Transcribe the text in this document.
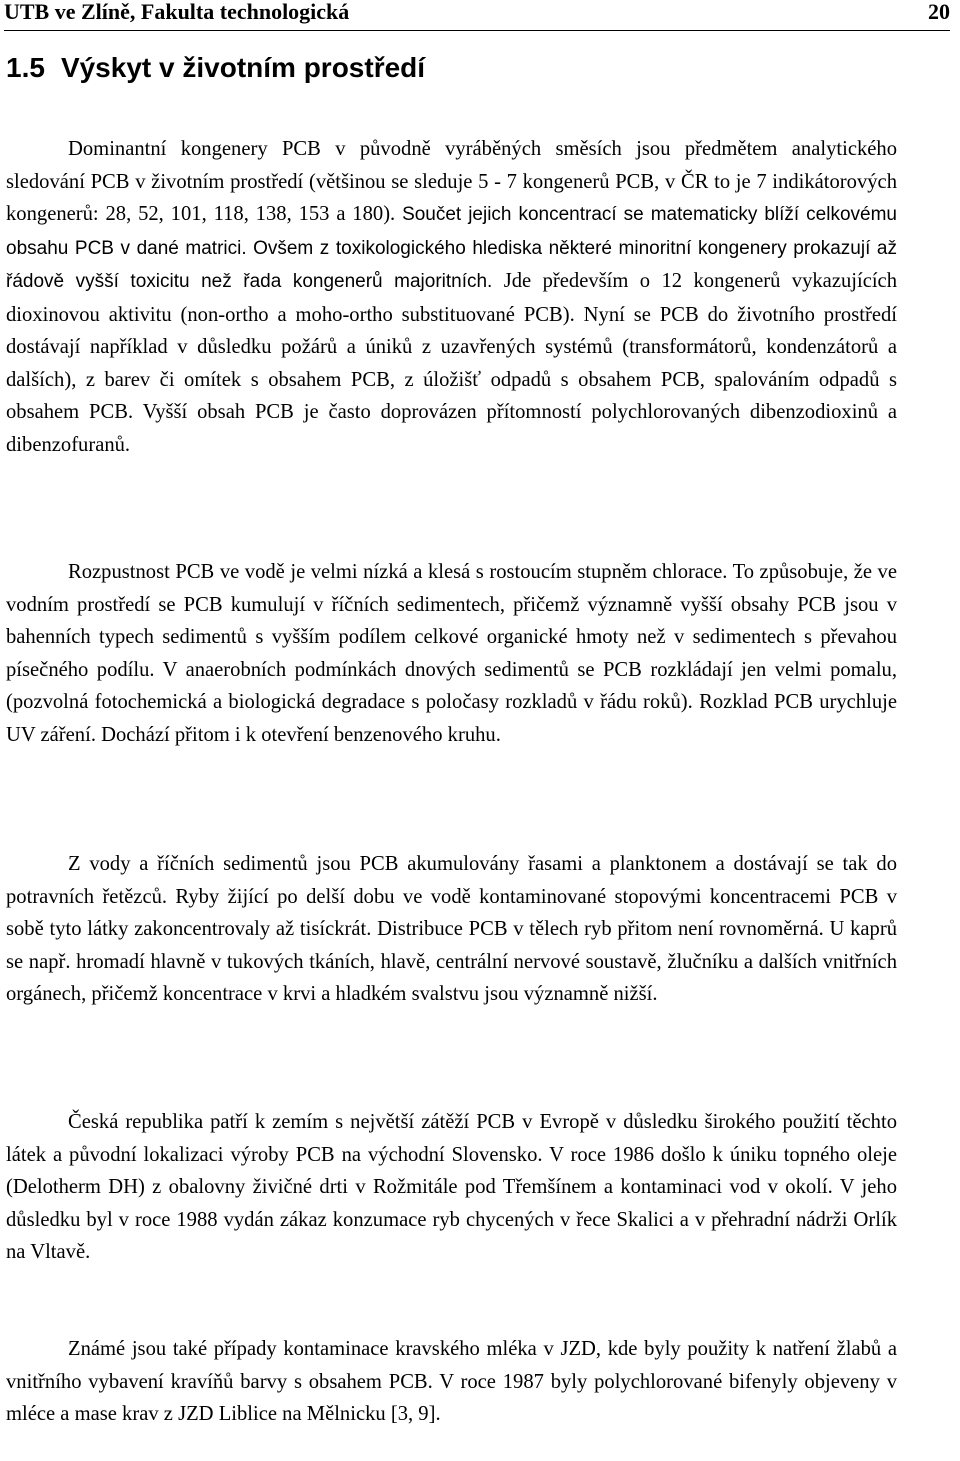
UTB ve Zlíně, Fakulta technologická	20
1.5 Výskyt v životním prostředí

Dominantní kongenery PCB v původně vyráběných směsích jsou předmětem analytického sledování PCB v životním prostředí (většinou se sleduje 5 - 7 kongenerů PCB, v ČR to je 7 indikátorových kongenerů: 28, 52, 101, 118, 138, 153 a 180). Součet jejich koncentrací se matematicky blíží celkovému obsahu PCB v dané matrici. Ovšem z toxikologického hlediska některé minoritní kongenery prokazují až řádově vyšší toxicitu než řada kongenerů majoritních. Jde především o 12 kongenerů vykazujících dioxinovou aktivitu (non-ortho a moho-ortho substituované PCB). Nyní se PCB do životního prostředí dostávají například v důsledku požárů a úniků z uzavřených systémů (transformátorů, kondenzátorů a dalších), z barev či omítek s obsahem PCB, z úložišť odpadů s obsahem PCB, spalováním odpadů s obsahem PCB. Vyšší obsah PCB je často doprovázen přítomností polychlorovaných dibenzodioxinů a dibenzofuranů.

Rozpustnost PCB ve vodě je velmi nízká a klesá s rostoucím stupněm chlorace. To způsobuje, že ve vodním prostředí se PCB kumulují v říčních sedimentech, přičemž významně vyšší obsahy PCB jsou v bahenních typech sedimentů s vyšším podílem celkové organické hmoty než v sedimentech s převahou písečného podílu. V anaerobních podmínkách dnových sedimentů se PCB rozkládají jen velmi pomalu, (pozvolná fotochemická a biologická degradace s poločasy rozkladů v řádu roků). Rozklad PCB urychluje UV záření. Dochází přitom i k otevření benzenového kruhu.

Z vody a říčních sedimentů jsou PCB akumulovány řasami a planktonem a dostávají se tak do potravních řetězců. Ryby žijící po delší dobu ve vodě kontaminované stopovými koncentracemi PCB v sobě tyto látky zakoncentrovaly až tisíckrát. Distribuce PCB v tělech ryb přitom není rovnoměrná. U kaprů se např. hromadí hlavně v tukových tkáních, hlavě, centrální nervové soustavě, žlučníku a dalších vnitřních orgánech, přičemž koncentrace v krvi a hladkém svalstvu jsou významně nižší.

Česká republika patří k zemím s největší zátěží PCB v Evropě v důsledku širokého použití těchto látek a původní lokalizaci výroby PCB na východní Slovensko. V roce 1986 došlo k úniku topného oleje (Delotherm DH) z obalovny živičné drti v Rožmitále pod Třemšínem a kontaminaci vod v okolí. V jeho důsledku byl v roce 1988 vydán zákaz konzumace ryb chycených v řece Skalici a v přehradní nádrži Orlík na Vltavě.

Známé jsou také případy kontaminace kravského mléka v JZD, kde byly použity k natření žlabů a vnitřního vybavení kravíňů barvy s obsahem PCB. V roce 1987 byly polychlorované bifenyly objeveny v mléce a mase krav z JZD Liblice na Mělnicku [3, 9].
